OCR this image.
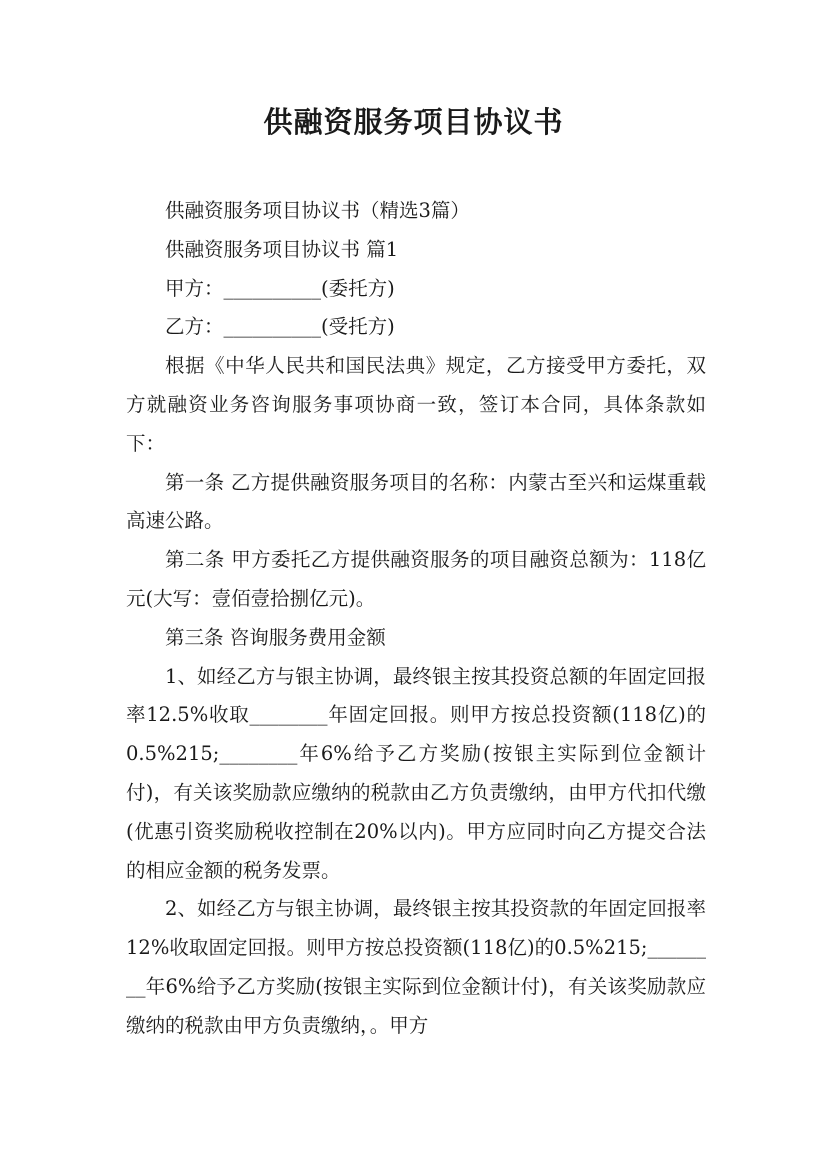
供融资服务项目协议书

供融资服务项目协议书（精选3篇）

供融资服务项目协议书 篇1

甲方：__________(委托方)

乙方：__________(受托方)

根据《中华人民共和国民法典》规定，乙方接受甲方委托，双方就融资业务咨询服务事项协商一致，签订本合同，具体条款如下：

第一条 乙方提供融资服务项目的名称：内蒙古至兴和运煤重载高速公路。

第二条 甲方委托乙方提供融资服务的项目融资总额为：118亿元(大写：壹佰壹拾捌亿元)。

第三条 咨询服务费用金额

1、如经乙方与银主协调，最终银主按其投资总额的年固定回报率12.5%收取________年固定回报。则甲方按总投资额(118亿)的0.5%215;________年6%给予乙方奖励(按银主实际到位金额计付)，有关该奖励款应缴纳的税款由乙方负责缴纳，由甲方代扣代缴(优惠引资奖励税收控制在20%以内)。甲方应同时向乙方提交合法的相应金额的税务发票。

2、如经乙方与银主协调，最终银主按其投资款的年固定回报率12%收取固定回报。则甲方按总投资额(118亿)的0.5%215;________年6%给予乙方奖励(按银主实际到位金额计付)，有关该奖励款应缴纳的税款由甲方负责缴纳，。甲方
